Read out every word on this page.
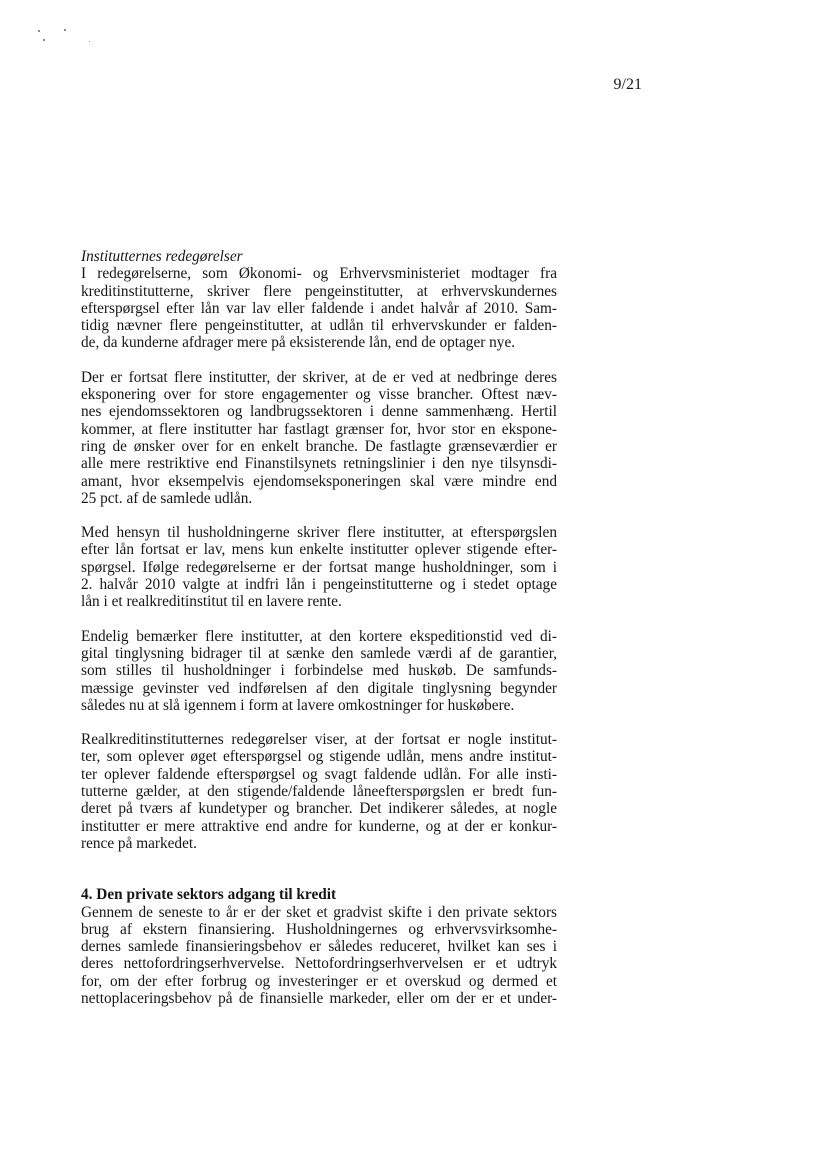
9/21
Institutternes redegørelser
I redegørelserne, som Økonomi- og Erhvervsministeriet modtager fra
kreditinstitutterne, skriver flere pengeinstitutter, at erhvervskundernes
efterspørgsel efter lån var lav eller faldende i andet halvår af 2010. Sam-
tidig nævner flere pengeinstitutter, at udlån til erhvervskunder er falden-
de, da kunderne afdrager mere på eksisterende lån, end de optager nye.
Der er fortsat flere institutter, der skriver, at de er ved at nedbringe deres
eksponering over for store engagementer og visse brancher. Oftest næv-
nes ejendomssektoren og landbrugssektoren i denne sammenhæng. Hertil
kommer, at flere institutter har fastlagt grænser for, hvor stor en ekspone-
ring de ønsker over for en enkelt branche. De fastlagte grænseværdier er
alle mere restriktive end Finanstilsynets retningslinier i den nye tilsynsdi-
amant, hvor eksempelvis ejendomseksponeringen skal være mindre end
25 pct. af de samlede udlån.
Med hensyn til husholdningerne skriver flere institutter, at efterspørgslen
efter lån fortsat er lav, mens kun enkelte institutter oplever stigende efter-
spørgsel. Ifølge redegørelserne er der fortsat mange husholdninger, som i
2. halvår 2010 valgte at indfri lån i pengeinstitutterne og i stedet optage
lån i et realkreditinstitut til en lavere rente.
Endelig bemærker flere institutter, at den kortere ekspeditionstid ved di-
gital tinglysning bidrager til at sænke den samlede værdi af de garantier,
som stilles til husholdninger i forbindelse med huskøb. De samfunds-
mæssige gevinster ved indførelsen af den digitale tinglysning begynder
således nu at slå igennem i form at lavere omkostninger for huskøbere.
Realkreditinstitutternes redegørelser viser, at der fortsat er nogle institut-
ter, som oplever øget efterspørgsel og stigende udlån, mens andre institut-
ter oplever faldende efterspørgsel og svagt faldende udlån. For alle insti-
tutterne gælder, at den stigende/faldende låneefterspørgslen er bredt fun-
deret på tværs af kundetyper og brancher. Det indikerer således, at nogle
institutter er mere attraktive end andre for kunderne, og at der er konkur-
rence på markedet.
4. Den private sektors adgang til kredit
Gennem de seneste to år er der sket et gradvist skifte i den private sektors
brug af ekstern finansiering. Husholdningernes og erhvervsvirksomhe-
dernes samlede finansieringsbehov er således reduceret, hvilket kan ses i
deres nettofordringserhvervelse. Nettofordringserhvervelsen er et udtryk
for, om der efter forbrug og investeringer er et overskud og dermed et
nettoplaceringsbehov på de finansielle markeder, eller om der er et under-
